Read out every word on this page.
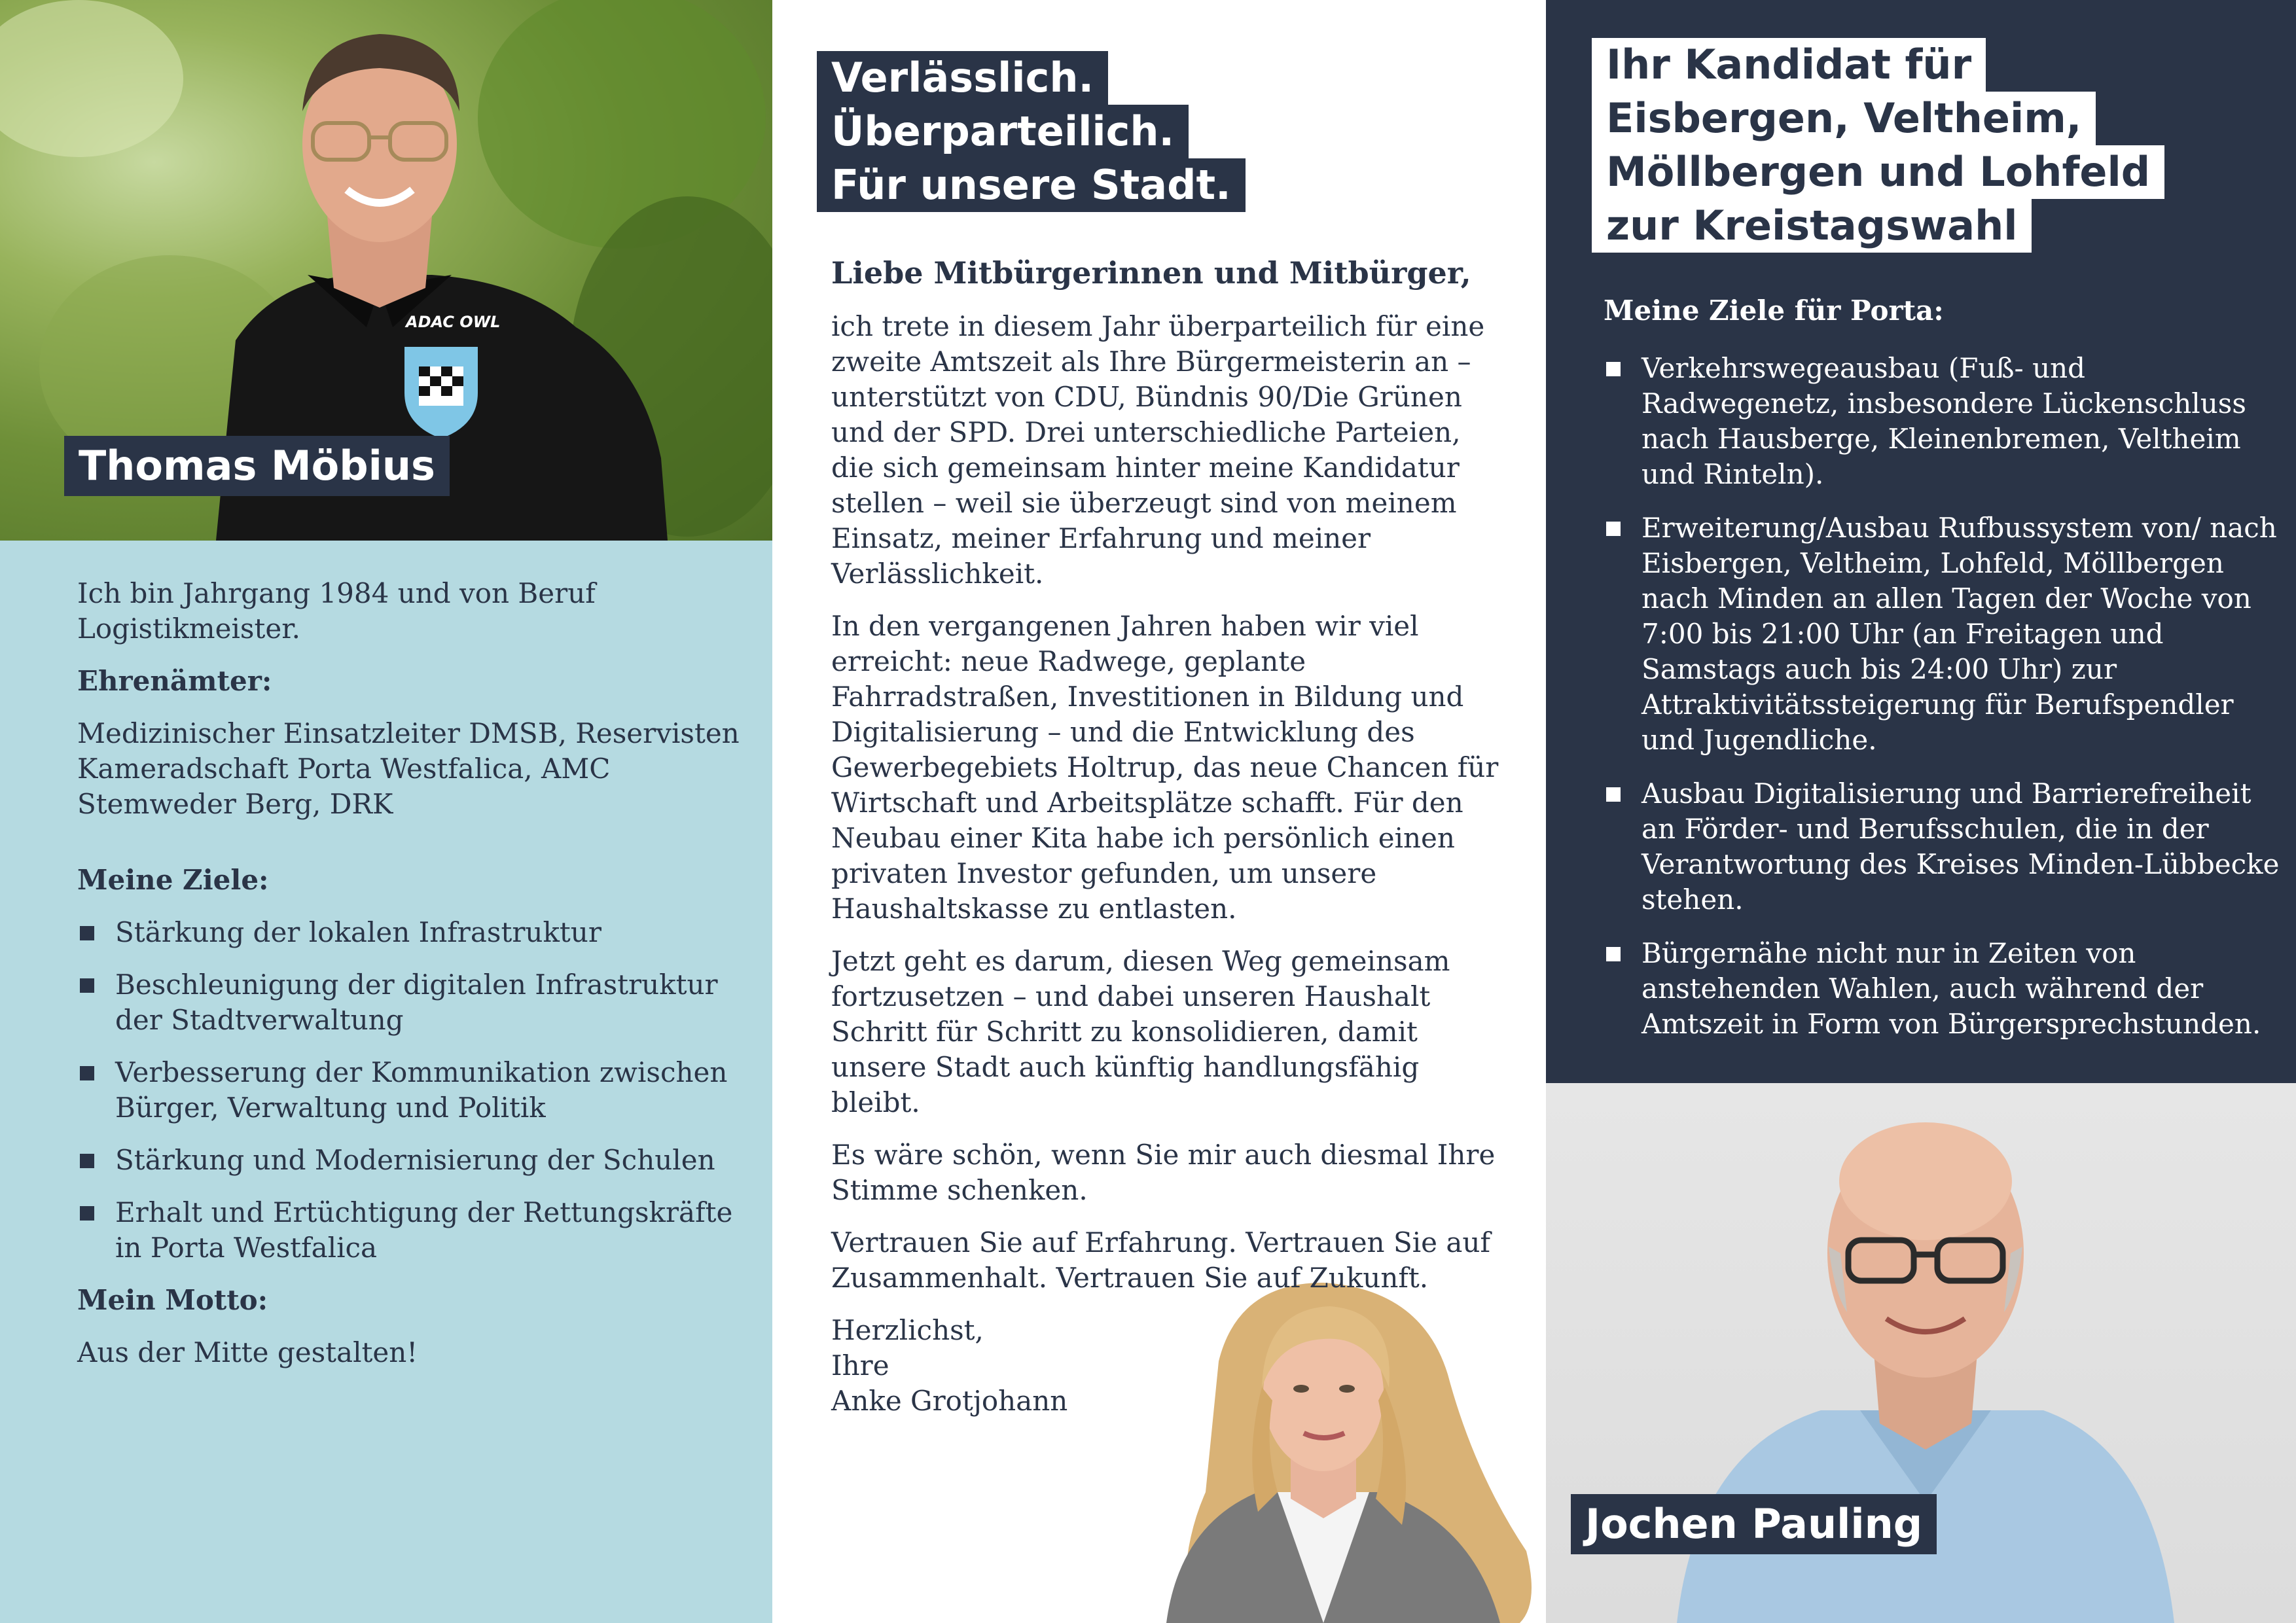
ADAC OWL
Ich bin Jahrgang 1984 und von Beruf Logistikmeister.
Ehrenämter:
Medizinischer Einsatzleiter DMSB, Reservisten Kameradschaft Porta Westfalica, AMC Stemweder Berg, DRK
Meine Ziele:
Stärkung der lokalen Infrastruktur
Beschleunigung der digitalen Infrastruktur der Stadtverwaltung
Verbesserung der Kommunikation zwischen Bürger, Verwaltung und Politik
Stärkung und Modernisierung der Schulen
Erhalt und Ertüchtigung der Rettungskräfte in Porta Westfalica
Mein Motto:
Aus der Mitte gestalten!
Thomas Möbius
Verlässlich.
Überparteilich.
Für unsere Stadt.
Liebe Mitbürgerinnen und Mitbürger,
ich trete in diesem Jahr überparteilich für eine zweite Amtszeit als Ihre Bürgermeisterin an – unterstützt von CDU, Bündnis 90/Die Grünen und der SPD. Drei unterschiedliche Parteien, die sich gemeinsam hinter meine Kandidatur stellen – weil sie überzeugt sind von meinem Einsatz, meiner Erfahrung und meiner Verlässlichkeit.
In den vergangenen Jahren haben wir viel erreicht: neue Radwege, geplante Fahrradstraßen, Investitionen in Bildung und Digitalisierung – und die Entwicklung des Gewerbegebiets Holtrup, das neue Chancen für Wirtschaft und Arbeitsplätze schafft. Für den Neubau einer Kita habe ich persönlich einen privaten Investor gefunden, um unsere Haushaltskasse zu entlasten.
Jetzt geht es darum, diesen Weg gemeinsam fortzusetzen – und dabei unseren Haushalt Schritt für Schritt zu konsolidieren, damit unsere Stadt auch künftig handlungsfähig bleibt.
Es wäre schön, wenn Sie mir auch diesmal Ihre Stimme schenken.
Vertrauen Sie auf Erfahrung. Vertrauen Sie auf Zusammenhalt. Vertrauen Sie auf Zukunft.
Herzlichst,
Ihre
Anke Grotjohann
Ihr Kandidat für
Eisbergen, Veltheim,
Möllbergen und Lohfeld
zur Kreistagswahl
Meine Ziele für Porta:
Verkehrswegeausbau (Fuß- und Radwegenetz, insbesondere Lückenschluss nach Hausberge, Kleinenbremen, Veltheim und Rinteln).
Erweiterung/Ausbau Rufbussystem von/ nach Eisbergen, Veltheim, Lohfeld, Möllbergen nach Minden an allen Tagen der Woche von 7:00 bis 21:00 Uhr (an Freitagen und Samstags auch bis 24:00 Uhr) zur Attraktivitätssteigerung für Berufspendler und Jugendliche.
Ausbau Digitalisierung und Barrierefreiheit an Förder- und Berufsschulen, die in der Verantwortung des Kreises Minden-Lübbecke stehen.
Bürgernähe nicht nur in Zeiten von anstehenden Wahlen, auch während der Amtszeit in Form von Bürgersprechstunden.
Jochen Pauling
